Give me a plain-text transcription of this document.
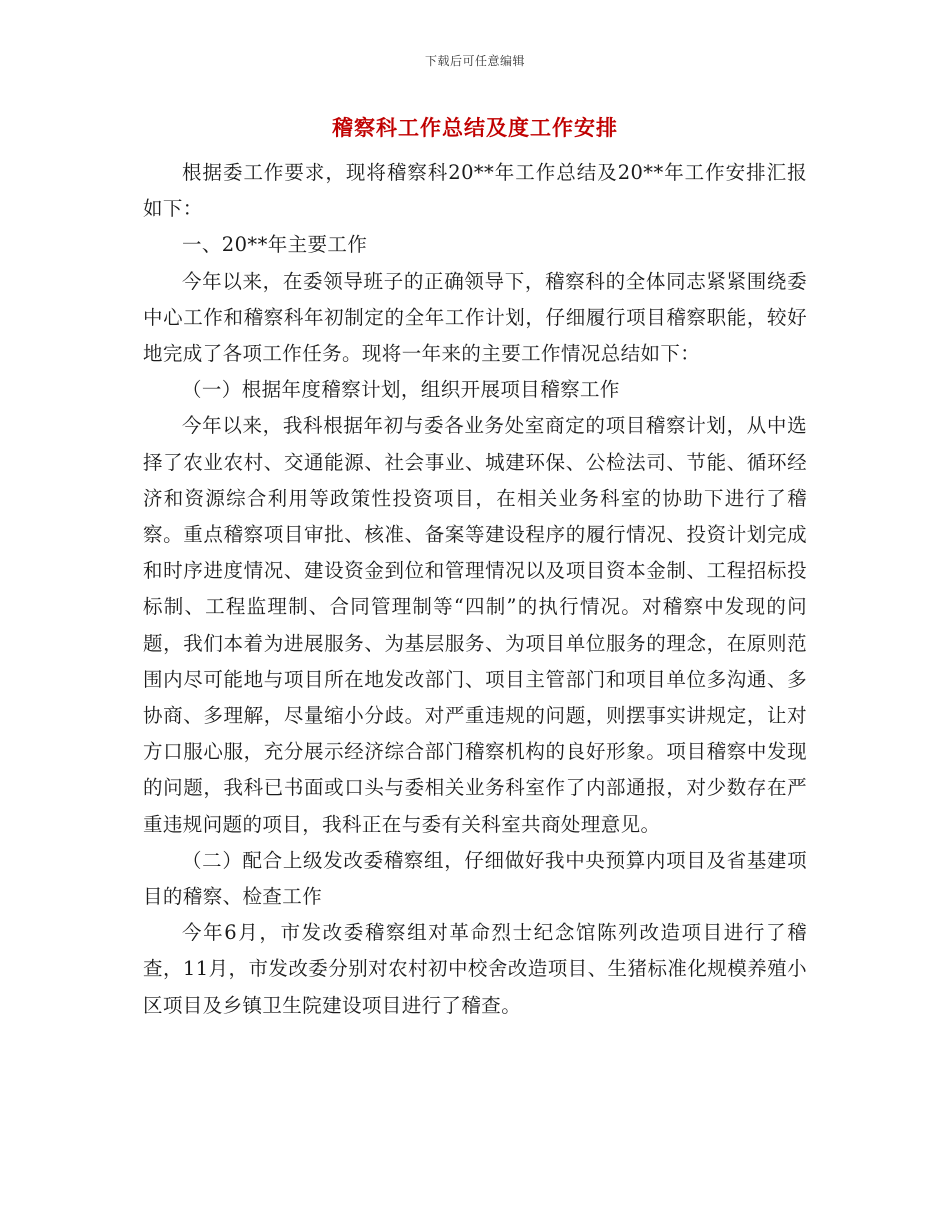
下载后可任意编辑
稽察科工作总结及度工作安排

根据委工作要求，现将稽察科20**年工作总结及20**年工作安排汇报如下：

一、20**年主要工作

今年以来，在委领导班子的正确领导下，稽察科的全体同志紧紧围绕委中心工作和稽察科年初制定的全年工作计划，仔细履行项目稽察职能，较好地完成了各项工作任务。现将一年来的主要工作情况总结如下：

（一）根据年度稽察计划，组织开展项目稽察工作

今年以来，我科根据年初与委各业务处室商定的项目稽察计划，从中选择了农业农村、交通能源、社会事业、城建环保、公检法司、节能、循环经济和资源综合利用等政策性投资项目，在相关业务科室的协助下进行了稽察。重点稽察项目审批、核准、备案等建设程序的履行情况、投资计划完成和时序进度情况、建设资金到位和管理情况以及项目资本金制、工程招标投标制、工程监理制、合同管理制等“四制”的执行情况。对稽察中发现的问题，我们本着为进展服务、为基层服务、为项目单位服务的理念，在原则范围内尽可能地与项目所在地发改部门、项目主管部门和项目单位多沟通、多协商、多理解，尽量缩小分歧。对严重违规的问题，则摆事实讲规定，让对方口服心服，充分展示经济综合部门稽察机构的良好形象。项目稽察中发现的问题，我科已书面或口头与委相关业务科室作了内部通报，对少数存在严重违规问题的项目，我科正在与委有关科室共商处理意见。

（二）配合上级发改委稽察组，仔细做好我中央预算内项目及省基建项目的稽察、检查工作

今年6月，市发改委稽察组对革命烈士纪念馆陈列改造项目进行了稽查，11月，市发改委分别对农村初中校舍改造项目、生猪标准化规模养殖小区项目及乡镇卫生院建设项目进行了稽查。
